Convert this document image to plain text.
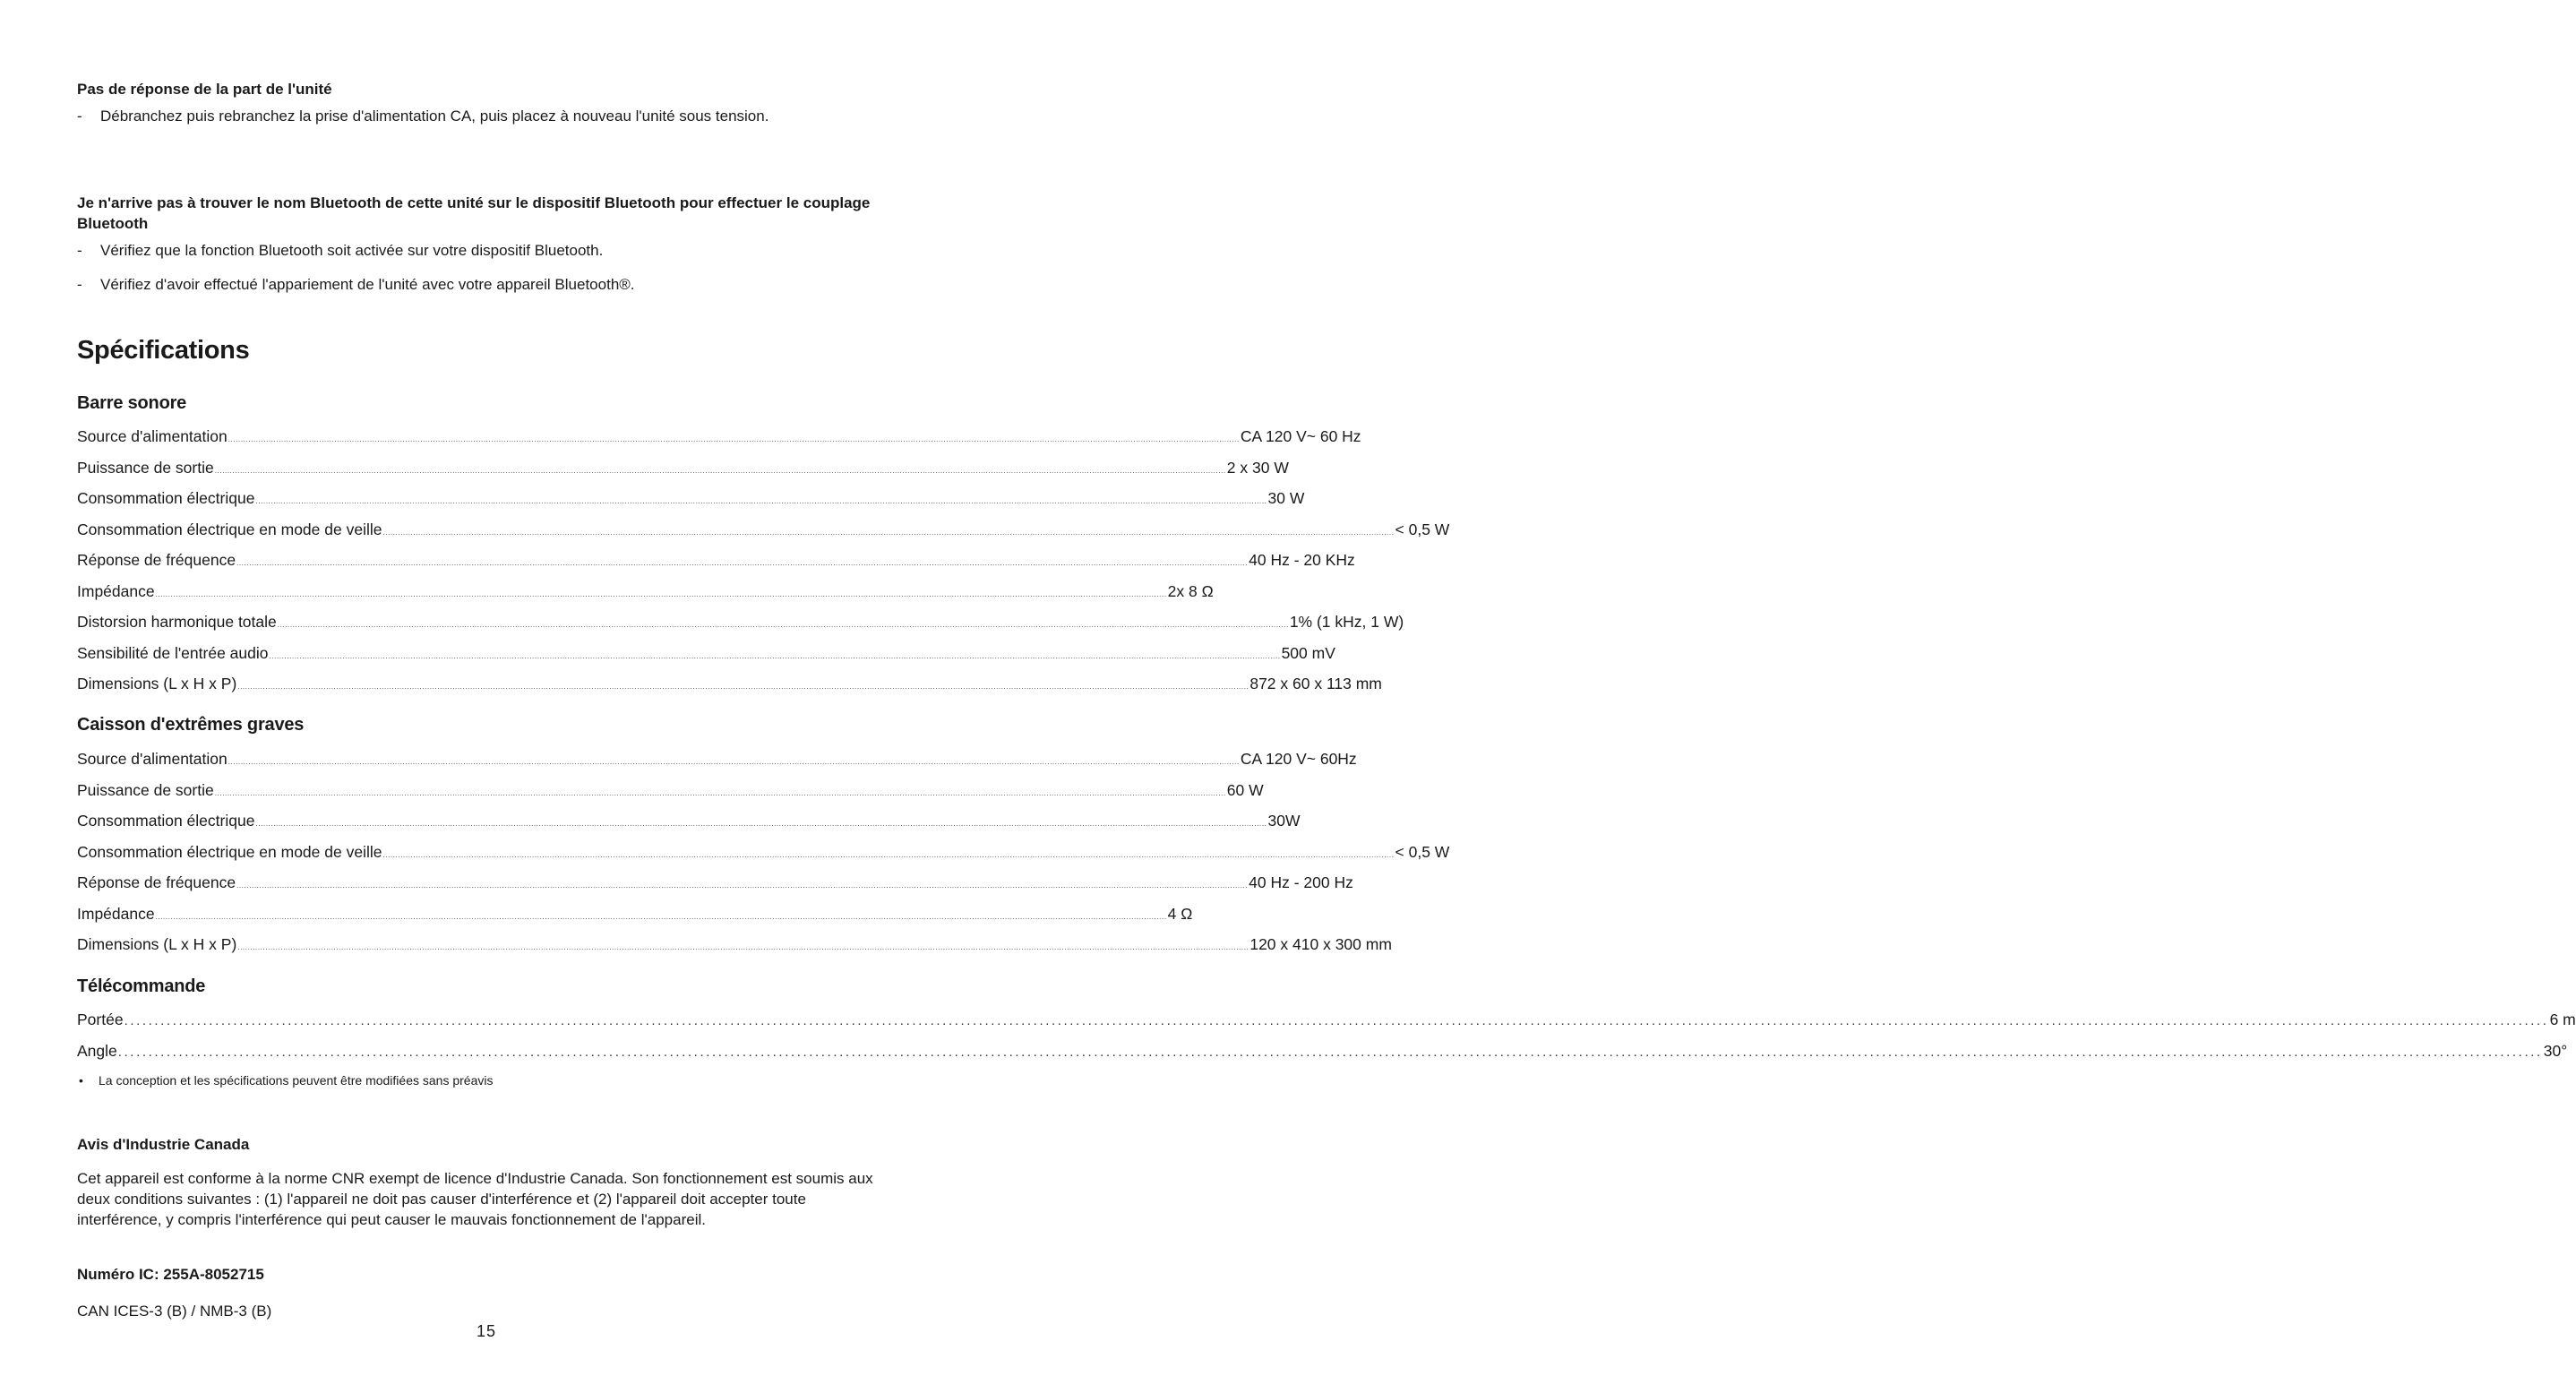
Pas de réponse de la part de l'unité

-	Débranchez puis rebranchez la prise d'alimentation CA, puis placez à nouveau l'unité sous tension.

Je n'arrive pas à trouver le nom Bluetooth de cette unité sur le dispositif Bluetooth pour effectuer le couplage Bluetooth

-	Vérifiez que la fonction Bluetooth soit activée sur votre dispositif Bluetooth.
-	Vérifiez d'avoir effectué l'appariement de l'unité avec votre appareil Bluetooth®.
Spécifications
Barre sonore
Source d'alimentation ................................................................................................................................................................................................................................................................................................................................................................................................................ CA 120 V~ 60 Hz
Puissance de sortie ................................................................................................................................................................................................................................................................................................................................................................................................................ 2 x 30 W
Consommation électrique ................................................................................................................................................................................................................................................................................................................................................................................................................ 30 W
Consommation électrique en mode de veille ................................................................................................................................................................................................................................................................................................................................................................................................................ < 0,5 W
Réponse de fréquence ................................................................................................................................................................................................................................................................................................................................................................................................................ 40 Hz - 20 KHz
Impédance ................................................................................................................................................................................................................................................................................................................................................................................................................ 2x 8 Ω
Distorsion harmonique totale ................................................................................................................................................................................................................................................................................................................................................................................................................ 1% (1 kHz, 1 W)
Sensibilité de l'entrée audio ................................................................................................................................................................................................................................................................................................................................................................................................................ 500 mV
Dimensions (L x H x P) ................................................................................................................................................................................................................................................................................................................................................................................................................ 872 x 60 x 113 mm
Caisson d'extrêmes graves
Source d'alimentation ................................................................................................................................................................................................................................................................................................................................................................................................................ CA 120 V~ 60Hz
Puissance de sortie ................................................................................................................................................................................................................................................................................................................................................................................................................ 60 W
Consommation électrique ................................................................................................................................................................................................................................................................................................................................................................................................................ 30W
Consommation électrique en mode de veille ................................................................................................................................................................................................................................................................................................................................................................................................................ < 0,5 W
Réponse de fréquence ................................................................................................................................................................................................................................................................................................................................................................................................................ 40 Hz - 200 Hz
Impédance ................................................................................................................................................................................................................................................................................................................................................................................................................ 4 Ω
Dimensions (L x H x P) ................................................................................................................................................................................................................................................................................................................................................................................................................ 120 x 410 x 300 mm
Télécommande
Portée ................................................................................................................................................................................................................................................................................................................................................................................................................ 6 m
Angle ................................................................................................................................................................................................................................................................................................................................................................................................................ 30°
•	La conception et les spécifications peuvent être modifiées sans préavis

Avis d'Industrie Canada

Cet appareil est conforme à la norme CNR exempt de licence d'Industrie Canada. Son fonctionnement est soumis aux deux conditions suivantes : (1) l'appareil ne doit pas causer d'interférence et (2) l'appareil doit accepter toute interférence, y compris l'interférence qui peut causer le mauvais fonctionnement de l'appareil.

Numéro IC: 255A-8052715

CAN ICES-3 (B) / NMB-3 (B)

15
